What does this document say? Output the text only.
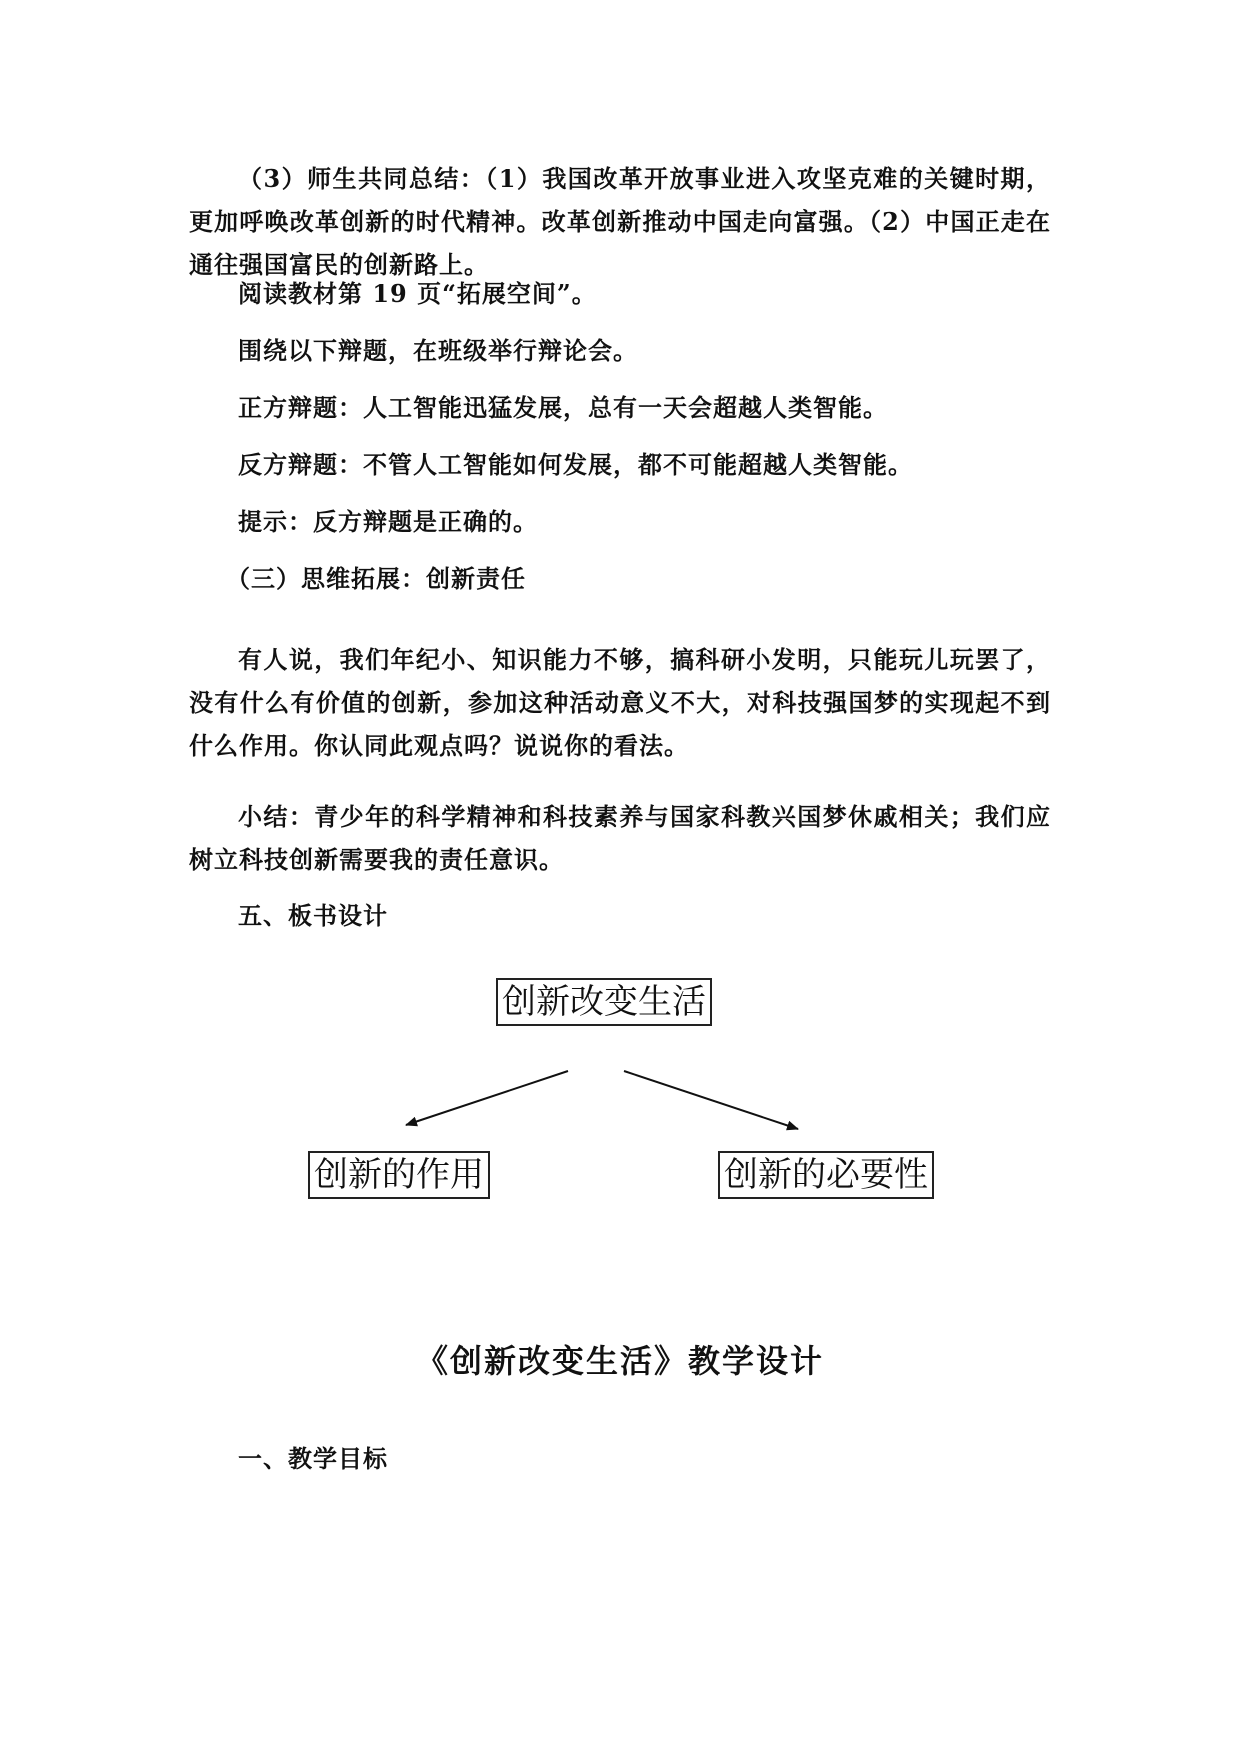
（3）师生共同总结：（1）我国改革开放事业进入攻坚克难的关键时期，更加呼唤改革创新的时代精神。改革创新推动中国走向富强。（2）中国正走在通往强国富民的创新路上。

阅读教材第 19 页“拓展空间”。

围绕以下辩题，在班级举行辩论会。

正方辩题：人工智能迅猛发展，总有一天会超越人类智能。

反方辩题：不管人工智能如何发展，都不可能超越人类智能。

提示：反方辩题是正确的。

（三）思维拓展：创新责任

有人说，我们年纪小、知识能力不够，搞科研小发明，只能玩儿玩罢了，没有什么有价值的创新，参加这种活动意义不大，对科技强国梦的实现起不到什么作用。你认同此观点吗？说说你的看法。

小结：青少年的科学精神和科技素养与国家科教兴国梦休戚相关；我们应树立科技创新需要我的责任意识。

五、板书设计

创新改变生活
创新的作用	创新的必要性
《创新改变生活》教学设计

一、教学目标
